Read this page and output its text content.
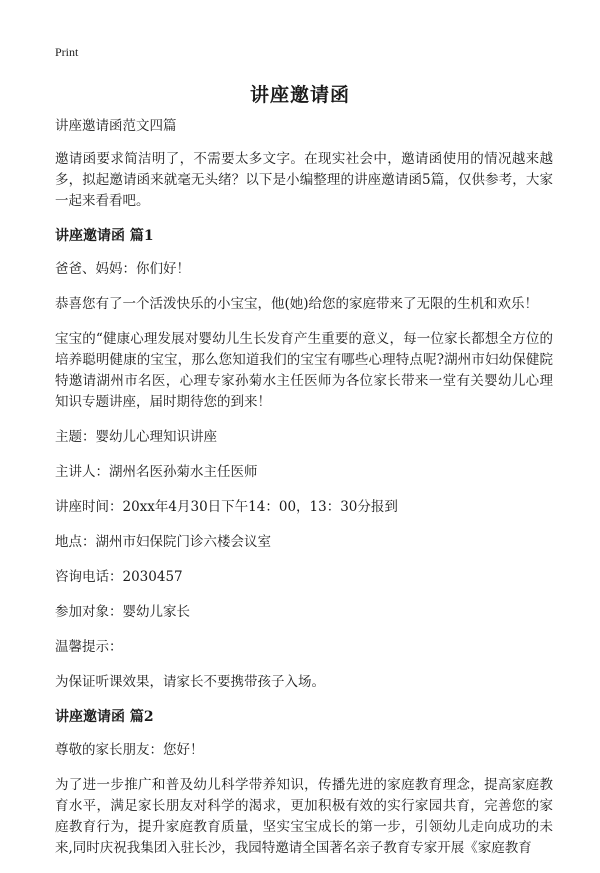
Print
讲座邀请函

讲座邀请函范文四篇

邀请函要求简洁明了，不需要太多文字。在现实社会中，邀请函使用的情况越来越多，拟起邀请函来就毫无头绪？以下是小编整理的讲座邀请函5篇，仅供参考，大家一起来看看吧。

讲座邀请函 篇1

爸爸、妈妈：你们好！

恭喜您有了一个活泼快乐的小宝宝，他(她)给您的家庭带来了无限的生机和欢乐！

宝宝的“健康心理发展对婴幼儿生长发育产生重要的意义，每一位家长都想全方位的培养聪明健康的宝宝，那么您知道我们的宝宝有哪些心理特点呢?湖州市妇幼保健院特邀请湖州市名医，心理专家孙菊水主任医师为各位家长带来一堂有关婴幼儿心理知识专题讲座，届时期待您的到来！

主题：婴幼儿心理知识讲座

主讲人：湖州名医孙菊水主任医师

讲座时间：20xx年4月30日下午14：00，13：30分报到

地点：湖州市妇保院门诊六楼会议室

咨询电话：2030457

参加对象：婴幼儿家长

温馨提示：

为保证听课效果，请家长不要携带孩子入场。

讲座邀请函 篇2

尊敬的家长朋友：您好！

为了进一步推广和普及幼儿科学带养知识，传播先进的家庭教育理念，提高家庭教育水平，满足家长朋友对科学的渴求，更加积极有效的实行家园共育，完善您的家庭教育行为，提升家庭教育质量，坚实宝宝成长的第一步，引领幼儿走向成功的未来,同时庆祝我集团入驻长沙，我园特邀请全国著名亲子教育专家开展《家庭教育
